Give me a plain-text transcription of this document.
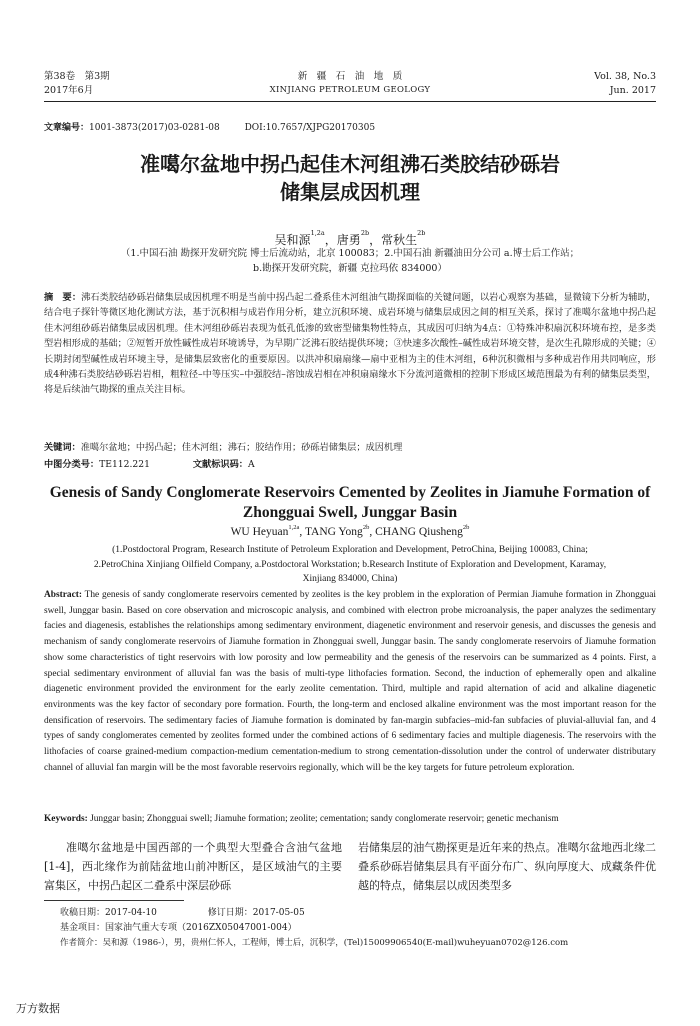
第38卷　第3期
2017年6月
新　疆　石　油　地　质
XINJIANG PETROLEUM GEOLOGY
Vol. 38, No.3
Jun. 2017
文章编号：1001-3873(2017)03-0281-08	DOI:10.7657/XJPG20170305
准噶尔盆地中拐凸起佳木河组沸石类胶结砂砾岩
储集层成因机理
吴和源$^{1,2a}$，唐勇$^{2b}$，常秋生$^{2b}$
（1.中国石油 勘探开发研究院 博士后流动站，北京 100083；2.中国石油 新疆油田分公司 a.博士后工作站；
b.勘探开发研究院，新疆 克拉玛依 834000）
摘　要：沸石类胶结砂砾岩储集层成因机理不明是当前中拐凸起二叠系佳木河组油气勘探面临的关键问题，以岩心观察为基础，显微镜下分析为辅助，结合电子探针等微区地化测试方法，基于沉积相与成岩作用分析，建立沉积环境、成岩环境与储集层成因之间的相互关系，探讨了准噶尔盆地中拐凸起佳木河组砂砾岩储集层成因机理。佳木河组砂砾岩表现为低孔低渗的致密型储集物性特点，其成因可归纳为4点：①特殊冲积扇沉积环境布控，是多类型岩相形成的基础；②短暂开放性碱性成岩环境诱导，为早期广泛沸石胶结提供环境；③快速多次酸性–碱性成岩环境交替，是次生孔隙形成的关键；④长期封闭型碱性成岩环境主导，是储集层致密化的重要原因。以洪冲积扇扇缘—扇中亚相为主的佳木河组，6种沉积微相与多种成岩作用共同响应，形成4种沸石类胶结砂砾岩岩相，粗粒径–中等压实–中强胶结–溶蚀成岩相在冲积扇扇缘水下分流河道微相的控制下形成区域范围最为有利的储集层类型，将是后续油气勘探的重点关注目标。
关键词：准噶尔盆地；中拐凸起；佳木河组；沸石；胶结作用；砂砾岩储集层；成因机理
中图分类号：TE112.221	文献标识码：A
Genesis of Sandy Conglomerate Reservoirs Cemented by Zeolites in Jiamuhe Formation of
Zhongguai Swell, Junggar Basin
WU Heyuan$^{1,2a}$, TANG Yong$^{2b}$, CHANG Qiusheng$^{2b}$
(1.Postdoctoral Program, Research Institute of Petroleum Exploration and Development, PetroChina, Beijing 100083, China;
2.PetroChina Xinjiang Oilfield Company, a.Postdoctoral Workstation; b.Research Institute of Exploration and Development, Karamay,
Xinjiang 834000, China)
Abstract: The genesis of sandy conglomerate reservoirs cemented by zeolites is the key problem in the exploration of Permian Jiamuhe formation in Zhongguai swell, Junggar basin. Based on core observation and microscopic analysis, and combined with electron probe microanalysis, the paper analyzes the sedimentary facies and diagenesis, establishes the relationships among sedimentary environment, diagenetic environment and reservoir genesis, and discusses the genesis and mechanism of sandy conglomerate reservoirs of Jiamuhe formation in Zhongguai swell, Junggar basin. The sandy conglomerate reservoirs of Jiamuhe formation show some characteristics of tight reservoirs with low porosity and low permeability and the genesis of the reservoirs can be summarized as 4 points. First, a special sedimentary environment of alluvial fan was the basis of multi-type lithofacies formation. Second, the induction of ephemerally open and alkaline diagenetic environment provided the environment for the early zeolite cementation. Third, multiple and rapid alternation of acid and alkaline diagenetic environments was the key factor of secondary pore formation. Fourth, the long-term and enclosed alkaline environment was the most important reason for the densification of reservoirs. The sedimentary facies of Jiamuhe formation is dominated by fan-margin subfacies–mid-fan subfacies of pluvial-alluvial fan, and 4 types of sandy conglomerates cemented by zeolites formed under the combined actions of 6 sedimentary facies and multiple diagenesis. The reservoirs with the lithofacies of coarse grained-medium compaction-medium cementation-medium to strong cementation-dissolution under the control of underwater distributary channel of alluvial fan margin will be the most favorable reservoirs regionally, which will be the key targets for future petroleum exploration.
Keywords: Junggar basin; Zhongguai swell; Jiamuhe formation; zeolite; cementation; sandy conglomerate reservoir; genetic mechanism
准噶尔盆地是中国西部的一个典型大型叠合含油气盆地[1-4]，西北缘作为前陆盆地山前冲断区，是区域油气的主要富集区，中拐凸起区二叠系中深层砂砾
岩储集层的油气勘探更是近年来的热点。准噶尔盆地西北缘二叠系砂砾岩储集层具有平面分布广、纵向厚度大、成藏条件优越的特点，储集层以成因类型多
收稿日期：2017-04-10	修订日期：2017-05-05
基金项目：国家油气重大专项（2016ZX05047001-004）
作者简介：吴和源（1986-），男，贵州仁怀人，工程师，博士后，沉积学，(Tel)15009906540(E-mail)wuheyuan0702@126.com
万方数据
